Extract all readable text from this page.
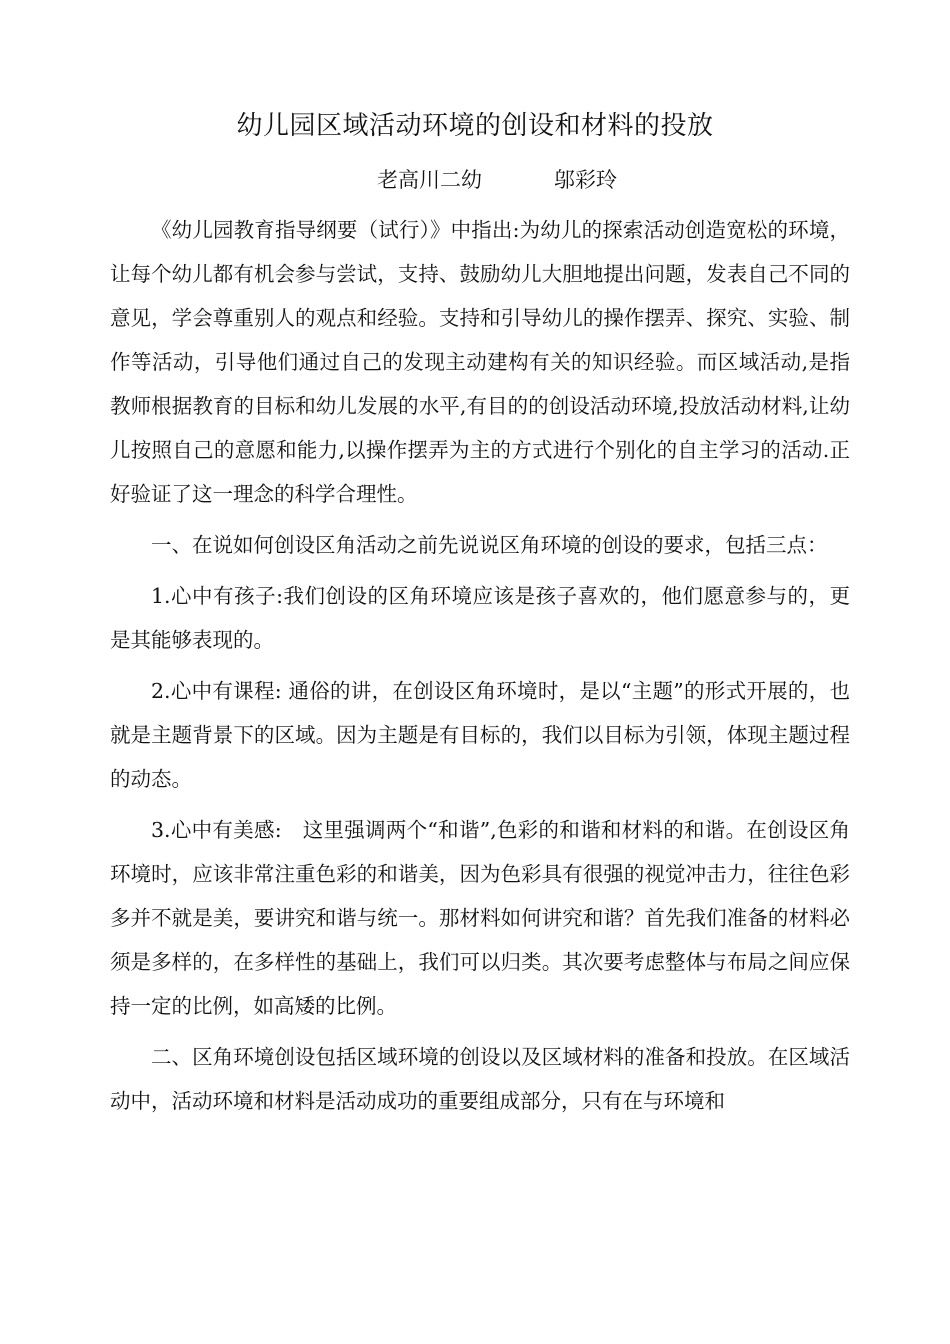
幼儿园区域活动环境的创设和材料的投放
老高川二幼	邬彩玲

《幼儿园教育指导纲要（试行）》中指出:为幼儿的探索活动创造宽松的环境，让每个幼儿都有机会参与尝试，支持、鼓励幼儿大胆地提出问题，发表自己不同的意见，学会尊重别人的观点和经验。支持和引导幼儿的操作摆弄、探究、实验、制作等活动，引导他们通过自己的发现主动建构有关的知识经验。而区域活动,是指教师根据教育的目标和幼儿发展的水平,有目的的创设活动环境,投放活动材料,让幼儿按照自己的意愿和能力,以操作摆弄为主的方式进行个别化的自主学习的活动.正好验证了这一理念的科学合理性。

一、在说如何创设区角活动之前先说说区角环境的创设的要求，包括三点：

1.心中有孩子:我们创设的区角环境应该是孩子喜欢的，他们愿意参与的，更是其能够表现的。

2.心中有课程: 通俗的讲，在创设区角环境时，是以“主题”的形式开展的，也就是主题背景下的区域。因为主题是有目标的，我们以目标为引领，体现主题过程的动态。

3.心中有美感:　这里强调两个“和谐”,色彩的和谐和材料的和谐。在创设区角环境时，应该非常注重色彩的和谐美，因为色彩具有很强的视觉冲击力，往往色彩多并不就是美，要讲究和谐与统一。那材料如何讲究和谐？首先我们准备的材料必须是多样的，在多样性的基础上，我们可以归类。其次要考虑整体与布局之间应保持一定的比例，如高矮的比例。

二、区角环境创设包括区域环境的创设以及区域材料的准备和投放。在区域活动中，活动环境和材料是活动成功的重要组成部分，只有在与环境和
